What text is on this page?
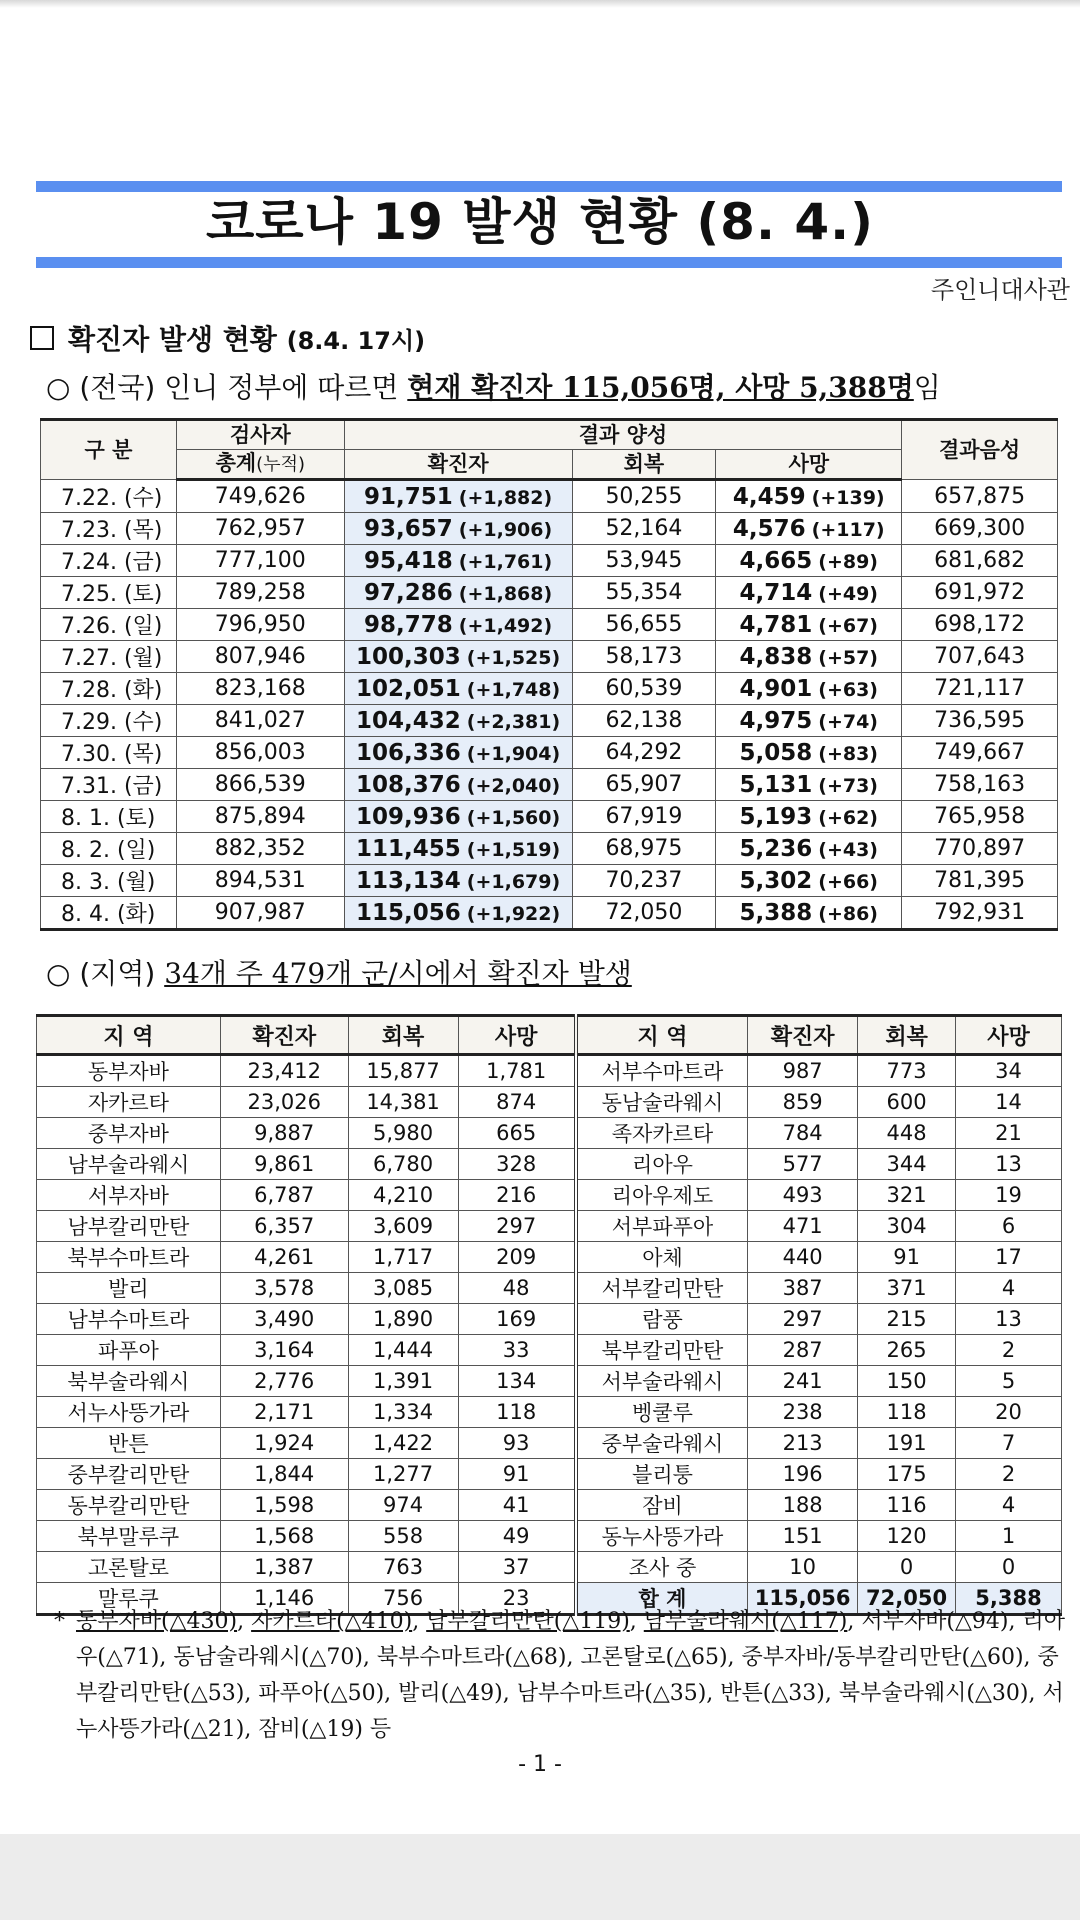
코로나 19 발생 현황 (8. 4.)
주인니대사관
확진자 발생 현황 (8.4. 17시)
○ (전국) 인니 정부에 따르면 현재 확진자 115,056명, 사망 5,388명임
구 분	검사자	결과 양성			결과음성
	총계(누적)	확진자	회복	사망	
7.22. (수)	749,626	91,751 (+1,882)	50,255	4,459 (+139)	657,875
7.23. (목)	762,957	93,657 (+1,906)	52,164	4,576 (+117)	669,300
7.24. (금)	777,100	95,418 (+1,761)	53,945	4,665 (+89)	681,682
7.25. (토)	789,258	97,286 (+1,868)	55,354	4,714 (+49)	691,972
7.26. (일)	796,950	98,778 (+1,492)	56,655	4,781 (+67)	698,172
7.27. (월)	807,946	100,303 (+1,525)	58,173	4,838 (+57)	707,643
7.28. (화)	823,168	102,051 (+1,748)	60,539	4,901 (+63)	721,117
7.29. (수)	841,027	104,432 (+2,381)	62,138	4,975 (+74)	736,595
7.30. (목)	856,003	106,336 (+1,904)	64,292	5,058 (+83)	749,667
7.31. (금)	866,539	108,376 (+2,040)	65,907	5,131 (+73)	758,163
8. 1. (토)	875,894	109,936 (+1,560)	67,919	5,193 (+62)	765,958
8. 2. (일)	882,352	111,455 (+1,519)	68,975	5,236 (+43)	770,897
8. 3. (월)	894,531	113,134 (+1,679)	70,237	5,302 (+66)	781,395
8. 4. (화)	907,987	115,056 (+1,922)	72,050	5,388 (+86)	792,931
○ (지역) 34개 주 479개 군/시에서 확진자 발생
지 역	확진자	회복	사망	지 역	확진자	회복	사망
동부자바	23,412	15,877	1,781	서부수마트라	987	773	34
자카르타	23,026	14,381	874	동남술라웨시	859	600	14
중부자바	9,887	5,980	665	족자카르타	784	448	21
남부술라웨시	9,861	6,780	328	리아우	577	344	13
서부자바	6,787	4,210	216	리아우제도	493	321	19
남부칼리만탄	6,357	3,609	297	서부파푸아	471	304	6
북부수마트라	4,261	1,717	209	아체	440	91	17
발리	3,578	3,085	48	서부칼리만탄	387	371	4
남부수마트라	3,490	1,890	169	람풍	297	215	13
파푸아	3,164	1,444	33	북부칼리만탄	287	265	2
북부술라웨시	2,776	1,391	134	서부술라웨시	241	150	5
서누사뜽가라	2,171	1,334	118	벵쿨루	238	118	20
반튼	1,924	1,422	93	중부술라웨시	213	191	7
중부칼리만탄	1,844	1,277	91	블리퉁	196	175	2
동부칼리만탄	1,598	974	41	잠비	188	116	4
북부말루쿠	1,568	558	49	동누사뜽가라	151	120	1
고론탈로	1,387	763	37	조사 중	10	0	0
말루쿠	1,146	756	23	합 계	115,056	72,050	5,388
* 동부자바(△430), 자카르타(△410), 남부칼리만탄(△119), 남부술라웨시(△117), 서부자바(△94), 리아우(△71), 동남술라웨시(△70), 북부수마트라(△68), 고론탈로(△65), 중부자바/동부칼리만탄(△60), 중부칼리만탄(△53), 파푸아(△50), 발리(△49), 남부수마트라(△35), 반튼(△33), 북부술라웨시(△30), 서누사뜽가라(△21), 잠비(△19) 등
- 1 -
